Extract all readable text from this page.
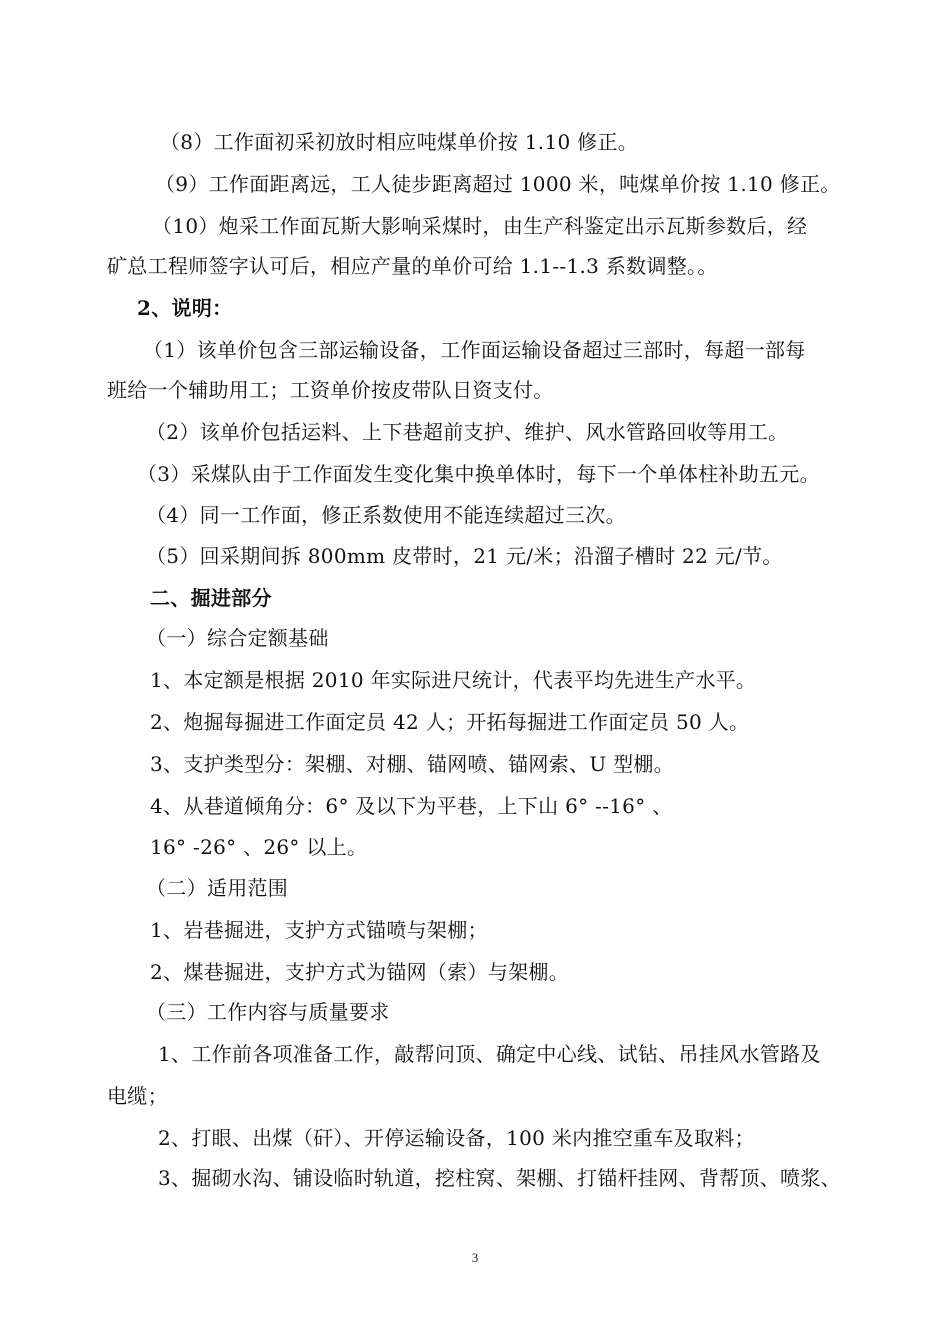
（8）工作面初采初放时相应吨煤单价按 1.10 修正。
（9）工作面距离远，工人徒步距离超过 1000 米，吨煤单价按 1.10 修正。
（10）炮采工作面瓦斯大影响采煤时，由生产科鉴定出示瓦斯参数后，经
矿总工程师签字认可后，相应产量的单价可给 1.1--1.3 系数调整。。
2、说明：
（1）该单价包含三部运输设备，工作面运输设备超过三部时，每超一部每
班给一个辅助用工；工资单价按皮带队日资支付。
（2）该单价包括运料、上下巷超前支护、维护、风水管路回收等用工。
（3）采煤队由于工作面发生变化集中换单体时，每下一个单体柱补助五元。
（4）同一工作面，修正系数使用不能连续超过三次。
（5）回采期间拆 800mm 皮带时，21 元/米；沿溜子槽时 22 元/节。
二、掘进部分
（一）综合定额基础
1、本定额是根据 2010 年实际进尺统计，代表平均先进生产水平。
2、炮掘每掘进工作面定员 42 人；开拓每掘进工作面定员 50 人。
3、支护类型分：架棚、对棚、锚网喷、锚网索、U 型棚。
4、从巷道倾角分：6° 及以下为平巷，上下山 6° --16° 、
16° -26° 、26° 以上。
（二）适用范围
1、岩巷掘进，支护方式锚喷与架棚；
2、煤巷掘进，支护方式为锚网（索）与架棚。
（三）工作内容与质量要求
1、工作前各项准备工作，敲帮问顶、确定中心线、试钻、吊挂风水管路及
电缆；
2、打眼、出煤（矸）、开停运输设备，100 米内推空重车及取料；
3、掘砌水沟、铺设临时轨道，挖柱窝、架棚、打锚杆挂网、背帮顶、喷浆、
3
